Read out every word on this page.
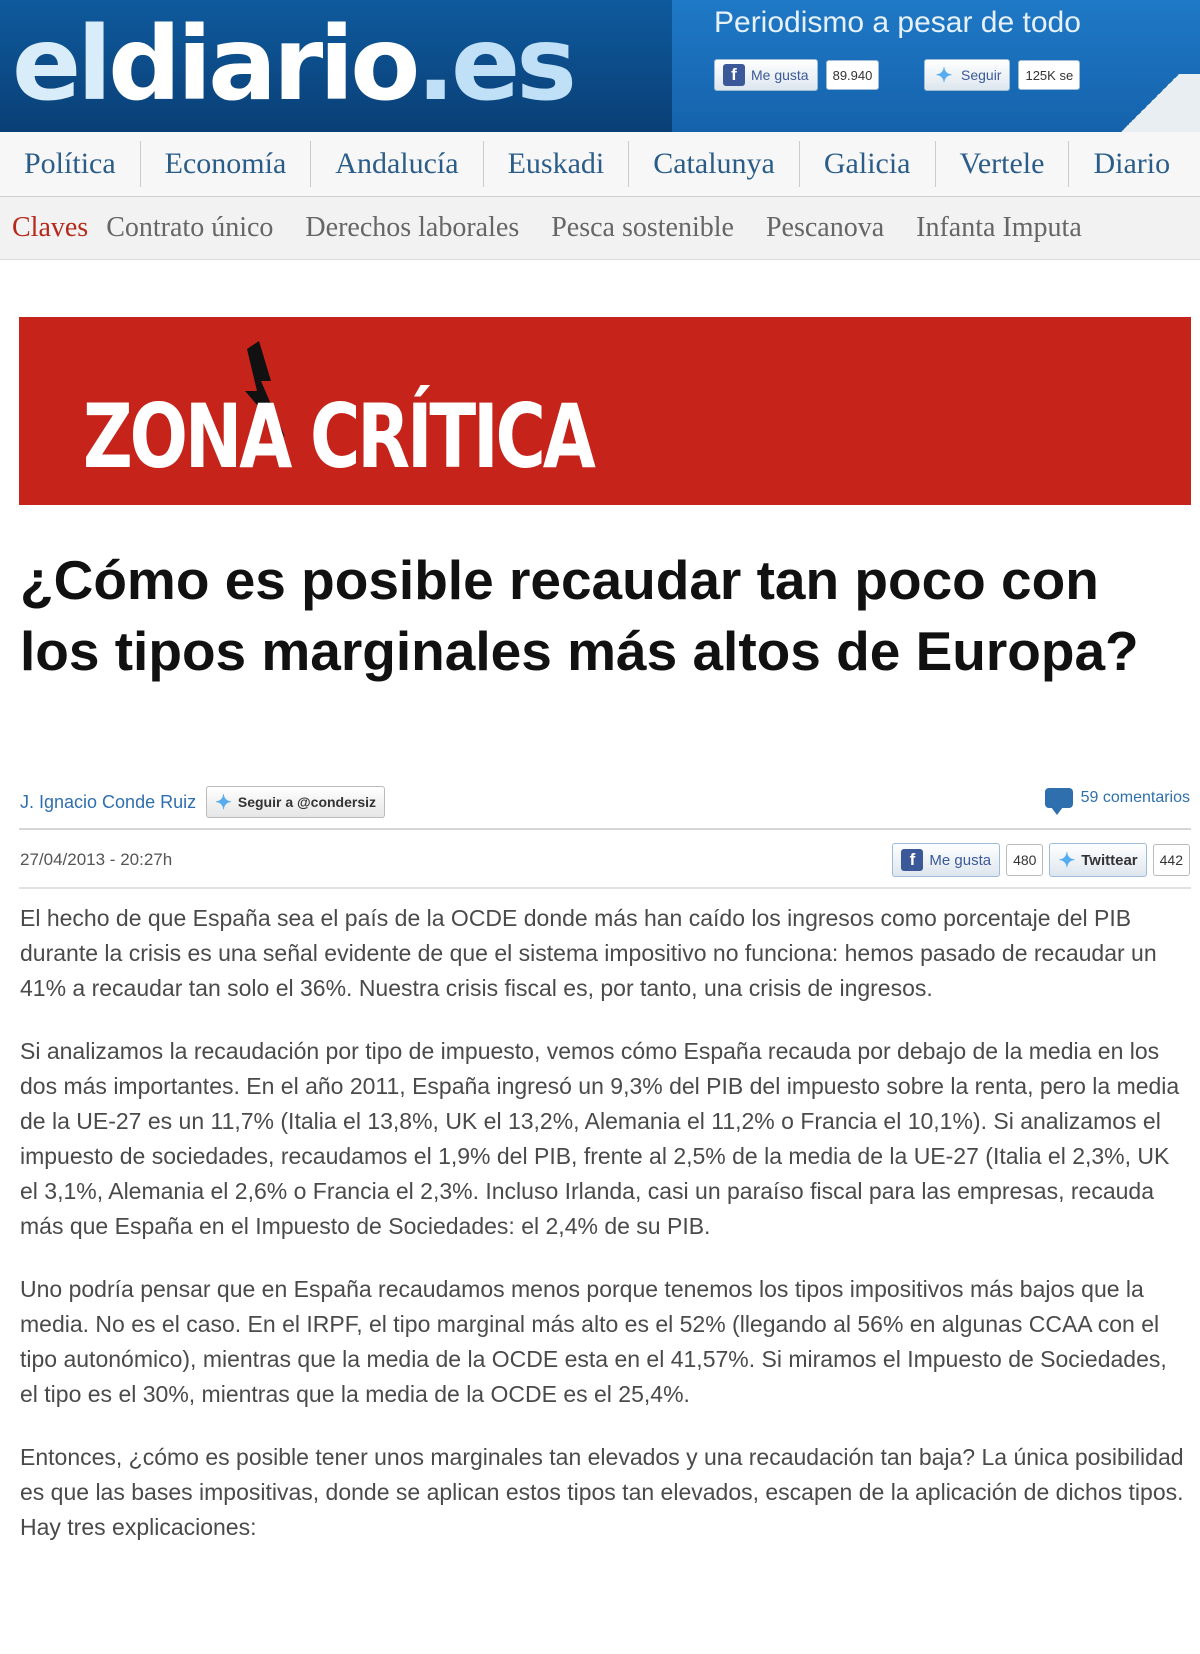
eldiario.es	Periodismo a pesar de todo
f	Me gusta	89.940	✦ Seguir	125K se
Política	Economía	Andalucía	Euskadi	Catalunya	Galicia	Vertele	Diario
Claves Contrato único	Derechos laborales	Pesca sostenible	Pescanova	Infanta Imputa
ZONA CRÍTICA
¿Cómo es posible recaudar tan poco con los tipos marginales más altos de Europa?
J. Ignacio Conde Ruiz ✦ Seguir a @condersiz	59 comentarios
27/04/2013 - 20:27h	f Me gusta	480	✦ Twittear	442

El hecho de que España sea el país de la OCDE donde más han caído los ingresos como porcentaje del PIB durante la crisis es una señal evidente de que el sistema impositivo no funciona: hemos pasado de recaudar un 41% a recaudar tan solo el 36%. Nuestra crisis fiscal es, por tanto, una crisis de ingresos.

Si analizamos la recaudación por tipo de impuesto, vemos cómo España recauda por debajo de la media en los dos más importantes. En el año 2011, España ingresó un 9,3% del PIB del impuesto sobre la renta, pero la media de la UE-27 es un 11,7% (Italia el 13,8%, UK el 13,2%, Alemania el 11,2% o Francia el 10,1%). Si analizamos el impuesto de sociedades, recaudamos el 1,9% del PIB, frente al 2,5% de la media de la UE-27 (Italia el 2,3%, UK el 3,1%, Alemania el 2,6% o Francia el 2,3%. Incluso Irlanda, casi un paraíso fiscal para las empresas, recauda más que España en el Impuesto de Sociedades: el 2,4% de su PIB.

Uno podría pensar que en España recaudamos menos porque tenemos los tipos impositivos más bajos que la media. No es el caso. En el IRPF, el tipo marginal más alto es el 52% (llegando al 56% en algunas CCAA con el tipo autonómico), mientras que la media de la OCDE esta en el 41,57%. Si miramos el Impuesto de Sociedades, el tipo es el 30%, mientras que la media de la OCDE es el 25,4%.

Entonces, ¿cómo es posible tener unos marginales tan elevados y una recaudación tan baja? La única posibilidad es que las bases impositivas, donde se aplican estos tipos tan elevados, escapen de la aplicación de dichos tipos. Hay tres explicaciones:
